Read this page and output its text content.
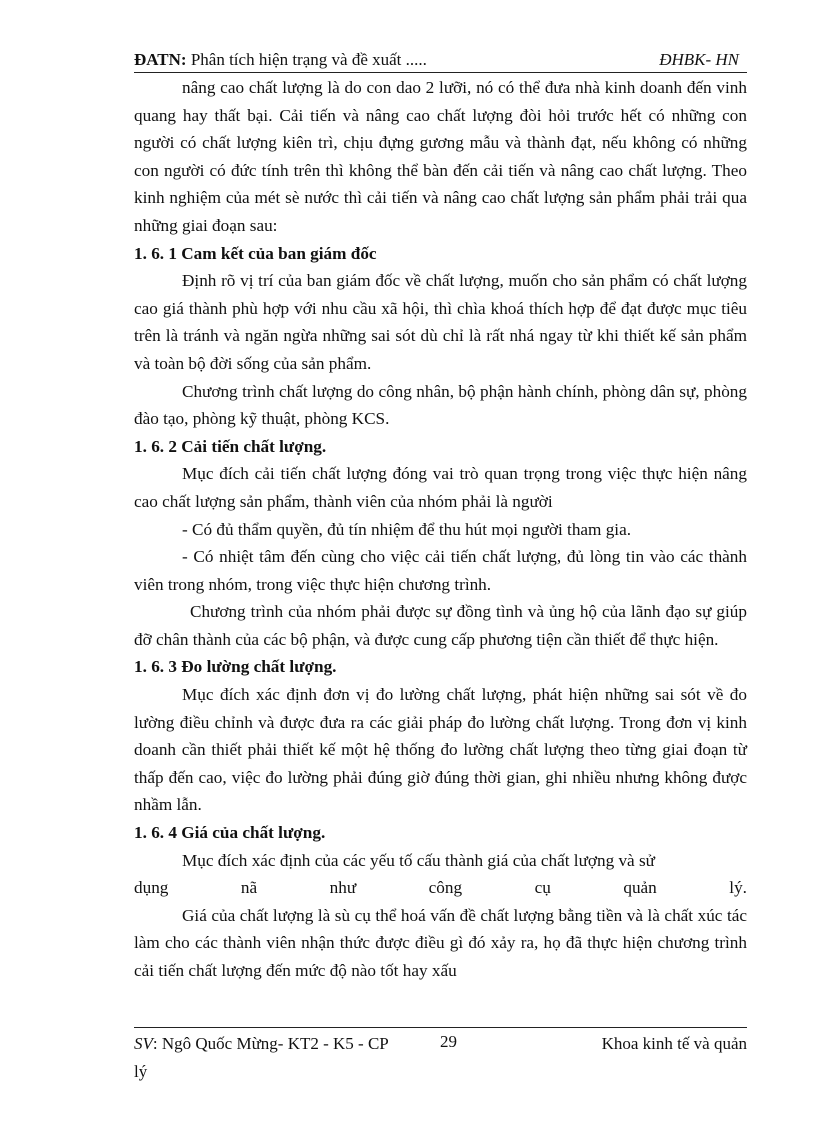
ĐATN: Phân tích hiện trạng và đề xuất .....	ĐHBK- HN

nâng cao chất lượng là do con dao 2 lưỡi, nó có thể đưa nhà kinh doanh đến vinh quang hay thất bại. Cải tiến và nâng cao chất lượng đòi hỏi trước hết có những con người có chất lượng kiên trì, chịu đựng gương mẫu và thành đạt, nếu không có những con người có đức tính trên thì không thể bàn đến cải tiến và nâng cao chất lượng. Theo kinh nghiệm của mét sè nước thì cải tiến và nâng cao chất lượng sản phẩm phải trải qua những giai đoạn sau:

1. 6. 1 Cam kết của ban giám đốc

Định rõ vị trí của ban giám đốc về chất lượng, muốn cho sản phẩm có chất lượng cao giá thành phù hợp với nhu cầu xã hội, thì chìa khoá thích hợp để đạt được mục tiêu trên là tránh và ngăn ngừa những sai sót dù chỉ là rất nhá ngay từ khi thiết kế sản phẩm và toàn bộ đời sống của sản phẩm.

Chương trình chất lượng do công nhân, bộ phận hành chính, phòng dân sự, phòng đào tạo, phòng kỹ thuật, phòng KCS.

1. 6. 2 Cải tiến chất lượng.

Mục đích cải tiến chất lượng đóng vai trò quan trọng trong việc thực hiện nâng cao chất lượng sản phẩm, thành viên của nhóm phải là người

- Có đủ thẩm quyền, đủ tín nhiệm để thu hút mọi người tham gia.

- Có nhiệt tâm đến cùng cho việc cải tiến chất lượng, đủ lòng tin vào các thành viên trong nhóm, trong việc thực hiện chương trình.

Chương trình của nhóm phải được sự đồng tình và ủng hộ của lãnh đạo sự giúp đỡ chân thành của các bộ phận, và được cung cấp phương tiện cần thiết để thực hiện.

1. 6. 3 Đo lường chất lượng.

Mục đích xác định đơn vị đo lường chất lượng, phát hiện những sai sót về đo lường điều chỉnh và được đưa ra các giải pháp đo lường chất lượng. Trong đơn vị kinh doanh cần thiết phải thiết kế một hệ thống đo lường chất lượng theo từng giai đoạn từ thấp đến cao, việc đo lường phải đúng giờ đúng thời gian, ghi nhiều nhưng không được nhầm lẫn.

1. 6. 4 Giá của chất lượng.

Mục đích xác định của các yếu tố cấu thành giá của chất lượng và sử

dụng	nã	như	công	cụ	quản	lý.

Giá của chất lượng là sù cụ thể hoá vấn đề chất lượng bằng tiền và là chất xúc tác làm cho các thành viên nhận thức được điều gì đó xảy ra, họ đã thực hiện chương trình cải tiến chất lượng đến mức độ nào tốt hay xấu

SV: Ngô Quốc Mừng- KT2 - K5 - CP	29	Khoa kinh tế và quản
lý
